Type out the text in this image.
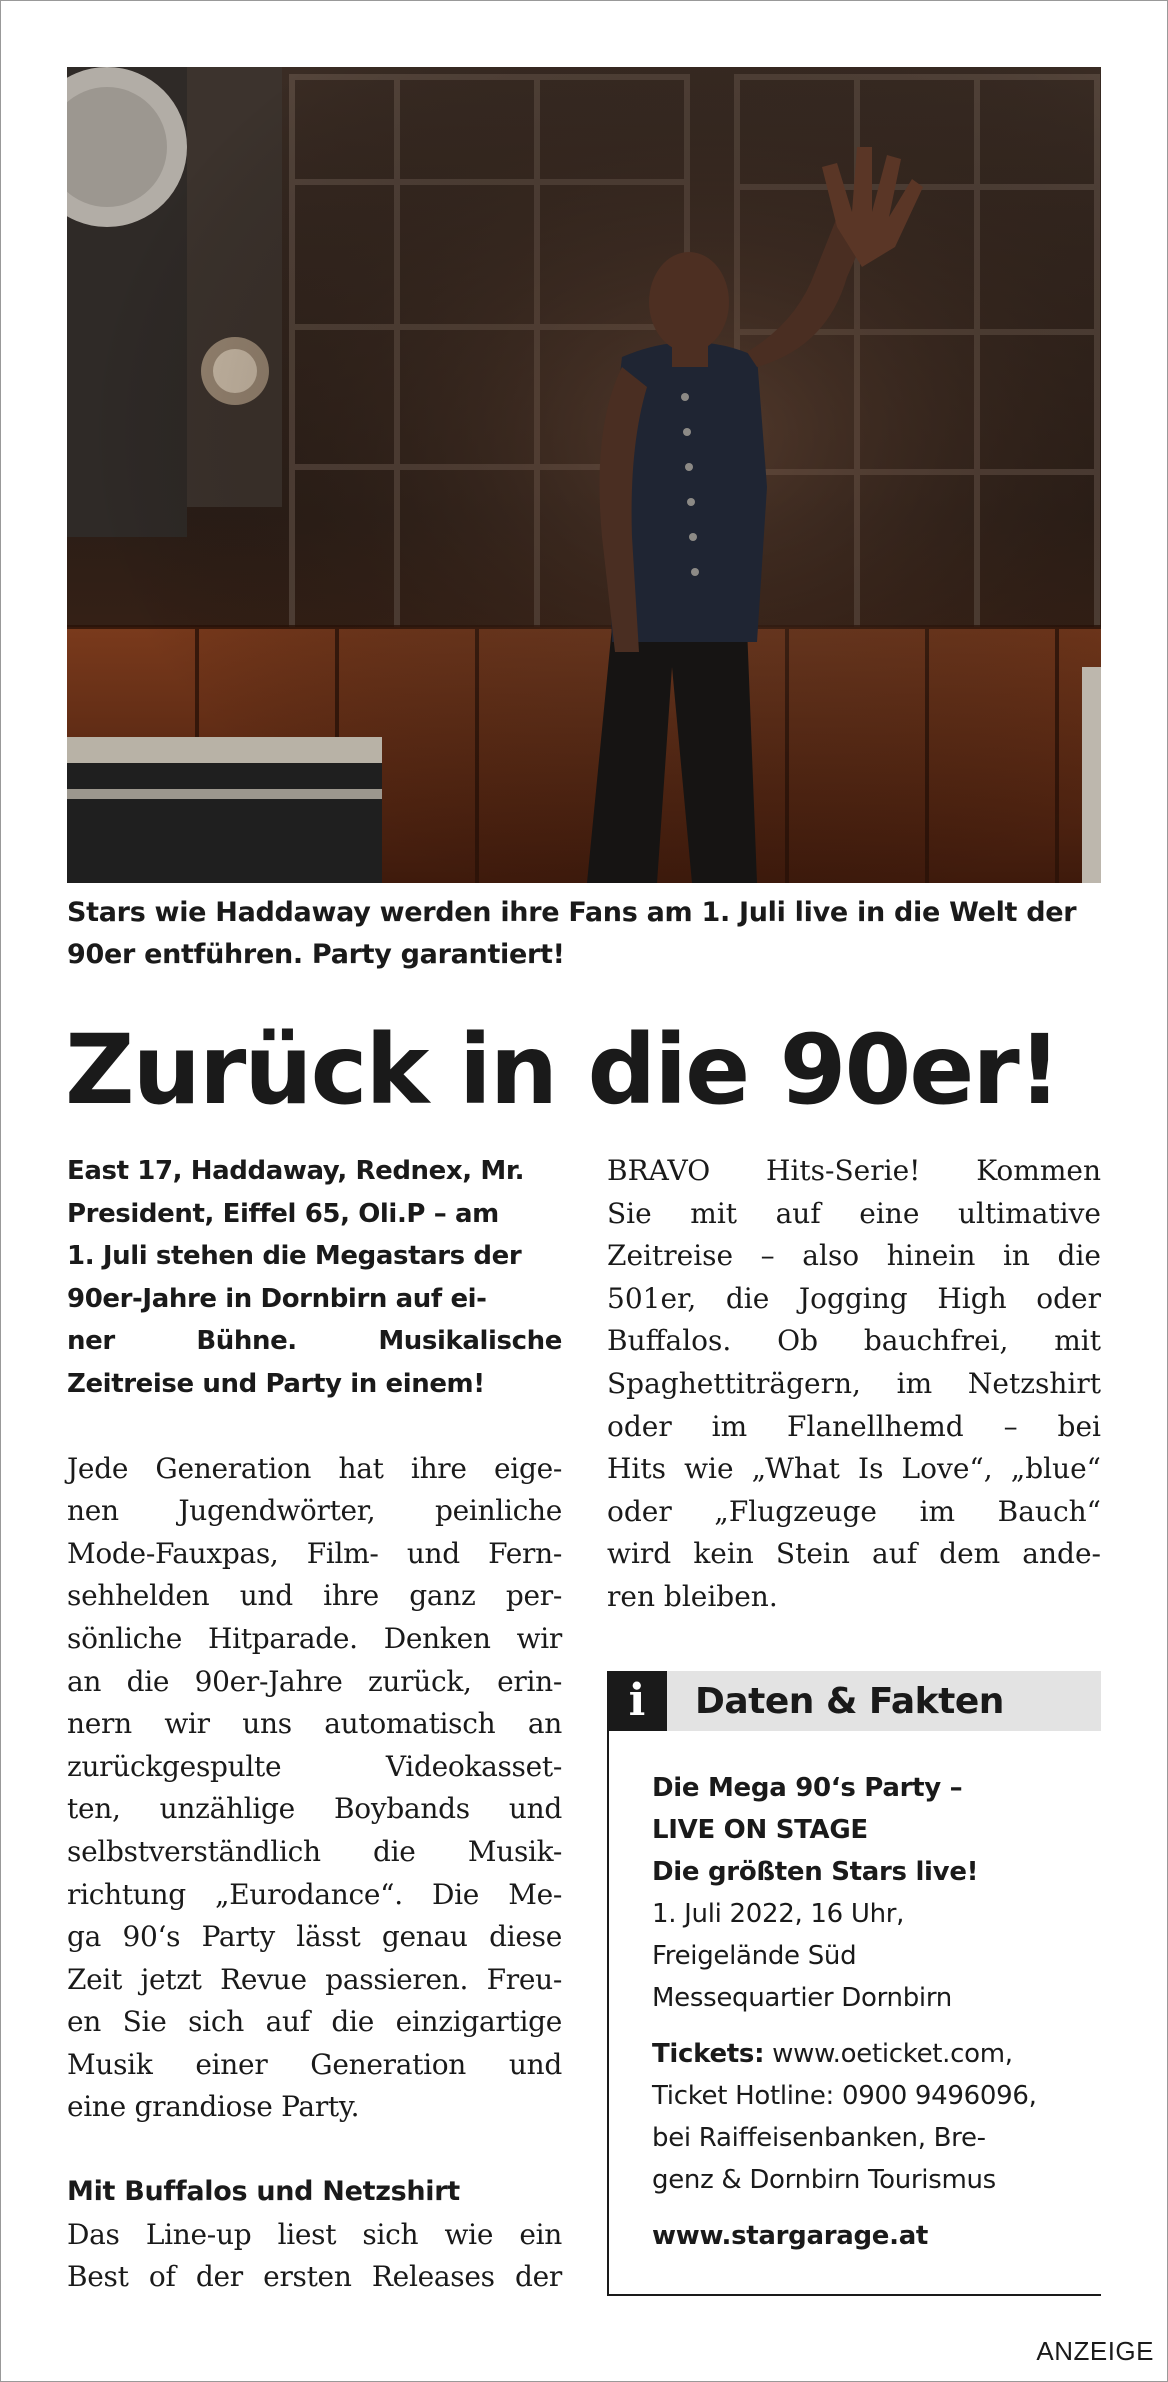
Stars wie Haddaway werden ihre Fans am 1. Juli live in die Welt der 90er entführen. Party garantiert!
Zurück in die 90er!
East 17, Haddaway, Rednex, Mr.
President, Eiffel 65, Oli.P – am
1. Juli stehen die Megastars der
90er-Jahre in Dornbirn auf ei-
ner Bühne. Musikalische
Zeitreise und Party in einem!
Jede Generation hat ihre eige-
nen Jugendwörter, peinliche
Mode-Fauxpas, Film- und Fern-
sehhelden und ihre ganz per-
sönliche Hitparade. Denken wir
an die 90er-Jahre zurück, erin-
nern wir uns automatisch an
zurückgespulte Videokasset-
ten, unzählige Boybands und
selbstverständlich die Musik-
richtung „Eurodance“. Die Me-
ga 90‘s Party lässt genau diese
Zeit jetzt Revue passieren. Freu-
en Sie sich auf die einzigartige
Musik einer Generation und
eine grandiose Party.
Mit Buffalos und Netzshirt
Das Line-up liest sich wie ein
Best of der ersten Releases der
BRAVO Hits-Serie! Kommen
Sie mit auf eine ultimative
Zeitreise – also hinein in die
501er, die Jogging High oder
Buffalos. Ob bauchfrei, mit
Spaghettiträgern, im Netzshirt
oder im Flanellhemd – bei
Hits wie „What Is Love“, „blue“
oder „Flugzeuge im Bauch“
wird kein Stein auf dem ande-
ren bleiben.
i	Daten & Fakten

Die Mega 90‘s Party –

LIVE ON STAGE

Die größten Stars live!

1. Juli 2022, 16 Uhr,

Freigelände Süd

Messequartier Dornbirn

Tickets: www.oeticket.com,

Ticket Hotline: 0900 9496096,

bei Raiffeisenbanken, Bre-

genz & Dornbirn Tourismus

www.stargarage.at

ANZEIGE
